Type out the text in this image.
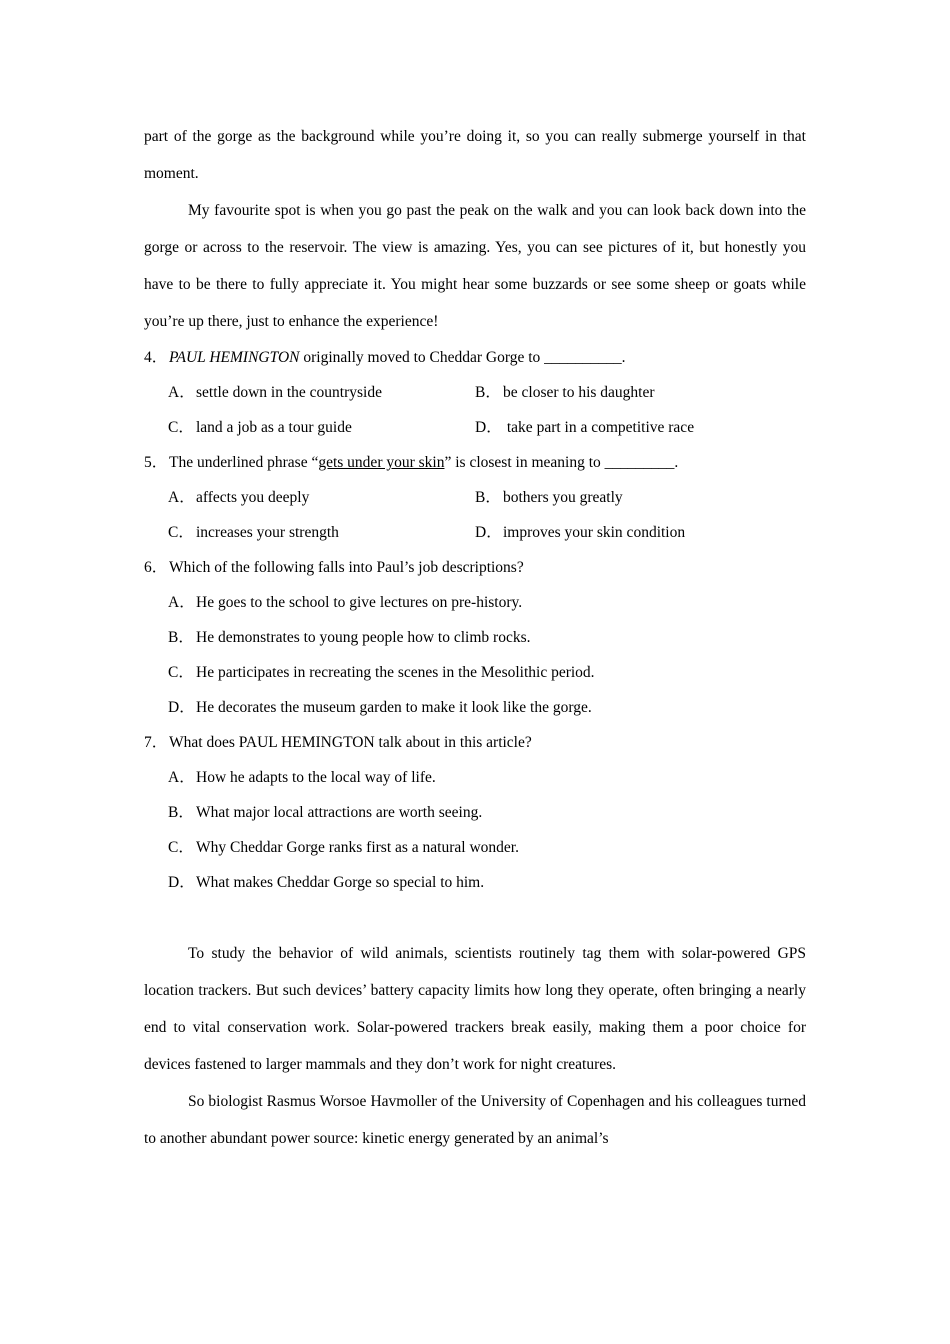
part of the gorge as the background while you’re doing it, so you can really submerge yourself in that moment.

My favourite spot is when you go past the peak on the walk and you can look back down into the gorge or across to the reservoir. The view is amazing. Yes, you can see pictures of it, but honestly you have to be there to fully appreciate it. You might hear some buzzards or see some sheep or goats while you’re up there, just to enhance the experience!

4． PAUL HEMINGTON originally moved to Cheddar Gorge to __________.
A．settle down in the countryside	B． be closer to his daughter
C． land a job as a tour guide	D． take part in a competitive race
5． The underlined phrase “gets under your skin” is closest in meaning to _________.
A．affects you deeply	B． bothers you greatly
C． increases your strength	D．improves your skin condition
6． Which of the following falls into Paul’s job descriptions?
A．He goes to the school to give lectures on pre-history.
B． He demonstrates to young people how to climb rocks.
C． He participates in recreating the scenes in the Mesolithic period.
D．He decorates the museum garden to make it look like the gorge.
7． What does PAUL HEMINGTON talk about in this article?
A．How he adapts to the local way of life.
B． What major local attractions are worth seeing.
C． Why Cheddar Gorge ranks first as a natural wonder.
D．What makes Cheddar Gorge so special to him.

To study the behavior of wild animals, scientists routinely tag them with solar-powered GPS location trackers. But such devices’ battery capacity limits how long they operate, often bringing a nearly end to vital conservation work. Solar-powered trackers break easily, making them a poor choice for devices fastened to larger mammals and they don’t work for night creatures.

So biologist Rasmus Worsoe Havmoller of the University of Copenhagen and his colleagues turned to another abundant power source: kinetic energy generated by an animal’s
